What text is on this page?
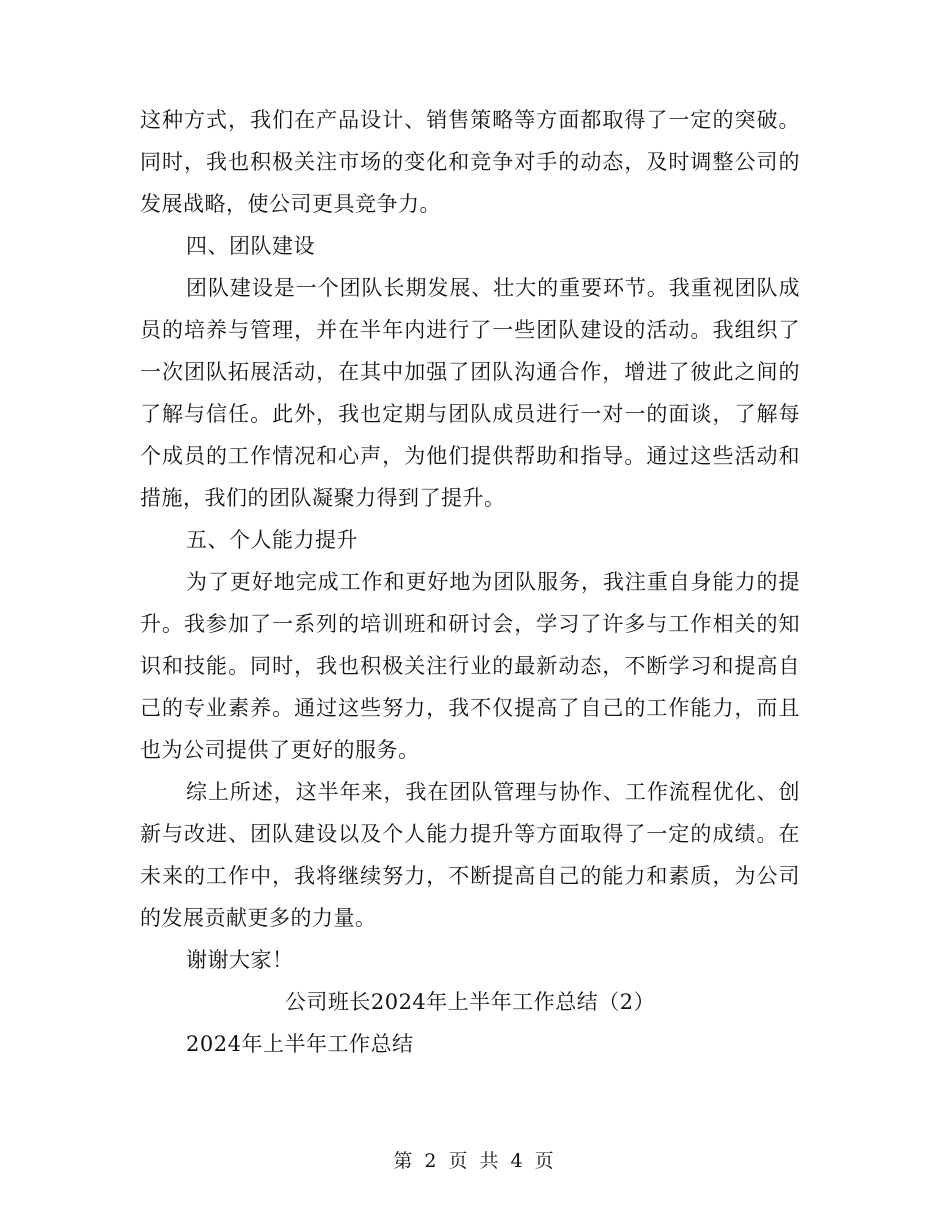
这种方式，我们在产品设计、销售策略等方面都取得了一定的突破。同时，我也积极关注市场的变化和竞争对手的动态，及时调整公司的发展战略，使公司更具竞争力。

四、团队建设

团队建设是一个团队长期发展、壮大的重要环节。我重视团队成员的培养与管理，并在半年内进行了一些团队建设的活动。我组织了一次团队拓展活动，在其中加强了团队沟通合作，增进了彼此之间的了解与信任。此外，我也定期与团队成员进行一对一的面谈，了解每个成员的工作情况和心声，为他们提供帮助和指导。通过这些活动和措施，我们的团队凝聚力得到了提升。

五、个人能力提升

为了更好地完成工作和更好地为团队服务，我注重自身能力的提升。我参加了一系列的培训班和研讨会，学习了许多与工作相关的知识和技能。同时，我也积极关注行业的最新动态，不断学习和提高自己的专业素养。通过这些努力，我不仅提高了自己的工作能力，而且也为公司提供了更好的服务。

综上所述，这半年来，我在团队管理与协作、工作流程优化、创新与改进、团队建设以及个人能力提升等方面取得了一定的成绩。在未来的工作中，我将继续努力，不断提高自己的能力和素质，为公司的发展贡献更多的力量。

谢谢大家！

公司班长2024年上半年工作总结（2）

2024年上半年工作总结

第 2 页 共 4 页
